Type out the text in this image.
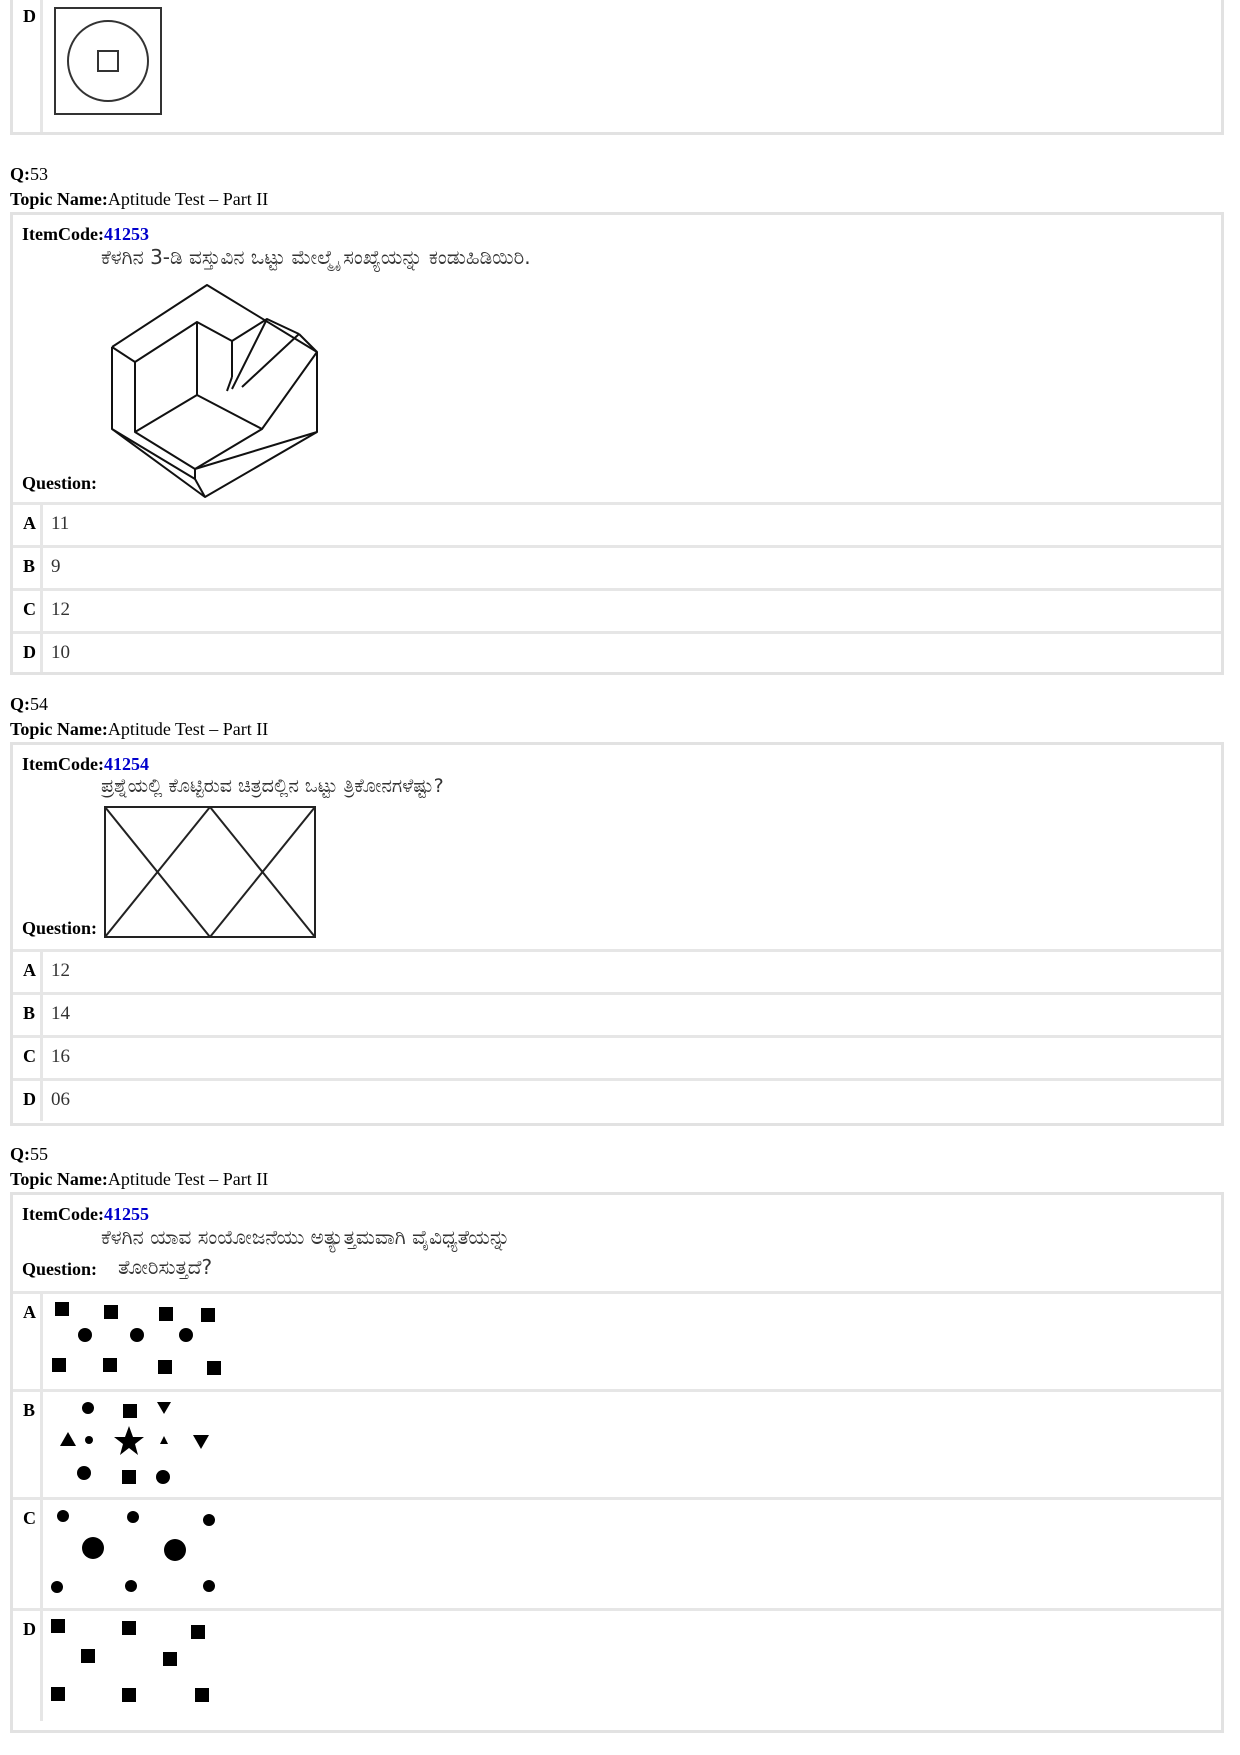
D
Q:53
Topic Name:Aptitude Test – Part II
ItemCode:41253
ಕೆಳಗಿನ 3-ಡಿ ವಸ್ತುವಿನ ಒಟ್ಟು ಮೇಲ್ಮೈ ಸಂಖ್ಯೆಯನ್ನು ಕಂಡುಹಿಡಿಯಿರಿ.
Question:
A 11
B 9
C 12
D 10
Q:54
Topic Name:Aptitude Test – Part II
ItemCode:41254
ಪ್ರಶ್ನೆಯಲ್ಲಿ ಕೊಟ್ಟಿರುವ ಚಿತ್ರದಲ್ಲಿನ ಒಟ್ಟು ತ್ರಿಕೋನಗಳೆಷ್ಟು?
Question:
A 12
B 14
C 16
D 06
Q:55
Topic Name:Aptitude Test – Part II
ItemCode:41255
ಕೆಳಗಿನ ಯಾವ ಸಂಯೋಜನೆಯು ಅತ್ಯುತ್ತಮವಾಗಿ ವೈವಿಧ್ಯತೆಯನ್ನು
Question: ತೋರಿಸುತ್ತದೆ?
A
B
C
D
